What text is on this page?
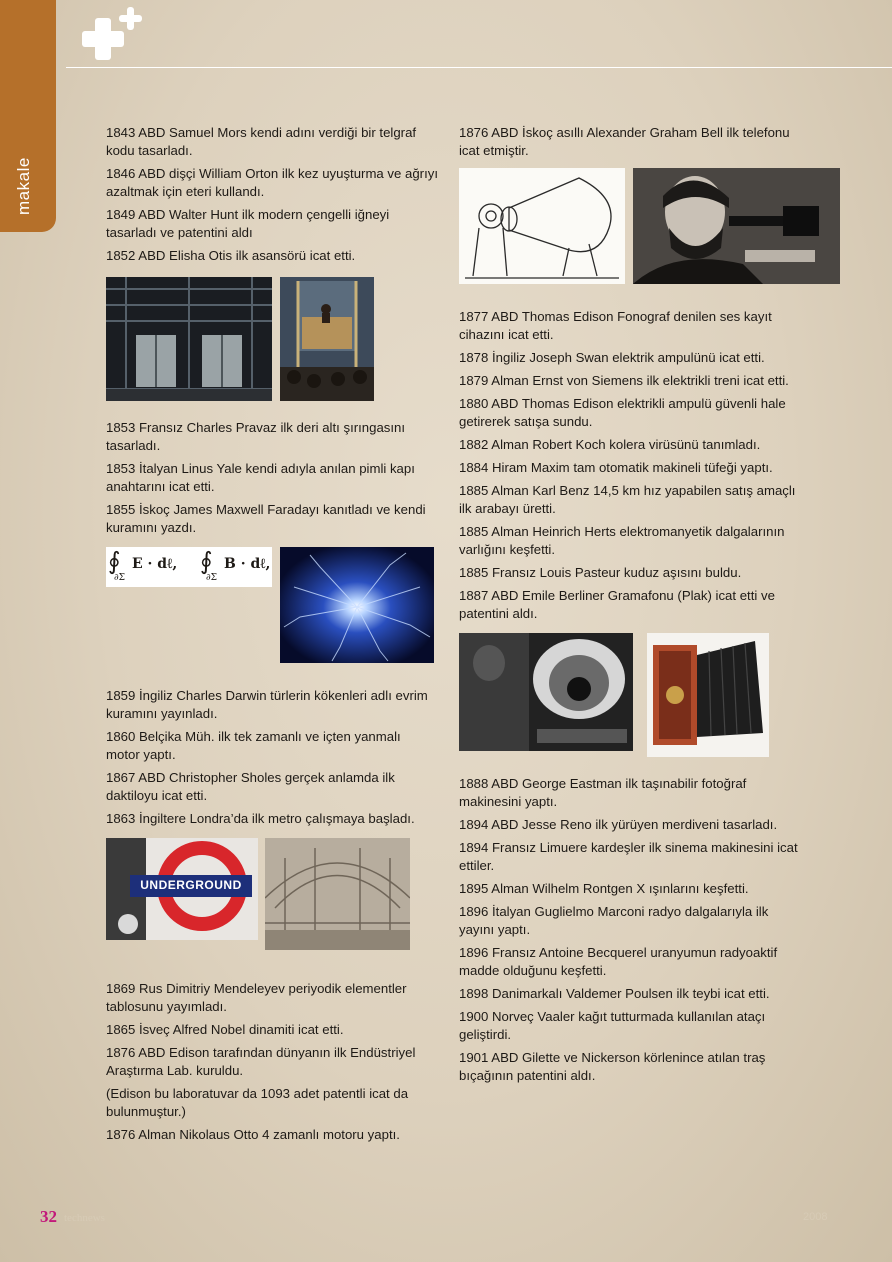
makale

1843 ABD Samuel Mors kendi adını verdiği bir telgraf kodu tasarladı.

1846 ABD dişçi William Orton ilk kez uyuşturma ve ağrıyı azaltmak için eteri kullandı.

1849 ABD Walter Hunt ilk modern çengelli iğneyi tasarladı ve patentini aldı

1852 ABD Elisha Otis ilk asansörü icat etti.

1853 Fransız Charles Pravaz ilk deri altı şırıngasını tasarladı.

1853 İtalyan Linus Yale kendi adıyla anılan pimli kapı anahtarını icat etti.

1855 İskoç James Maxwell Faradayı kanıtladı ve kendi kuramını yazdı.

∮
∂Σ
E · dℓ, ∮
∂Σ
B · dℓ,

1859 İngiliz Charles Darwin türlerin kökenleri adlı evrim kuramını yayınladı.

1860 Belçika Müh. ilk tek zamanlı ve içten yanmalı motor yaptı.

1867 ABD Christopher Sholes gerçek anlamda ilk daktiloyu icat etti.

1863 İngiltere Londra’da ilk metro çalışmaya başladı.

UNDERGROUND

1869 Rus Dimitriy Mendeleyev periyodik elementler tablosunu yayımladı.

1865 İsveç Alfred Nobel dinamiti icat etti.

1876 ABD Edison tarafından dünyanın ilk Endüstriyel Araştırma Lab. kuruldu.

(Edison bu laboratuvar da 1093 adet patentli icat da bulunmuştur.)

1876 Alman Nikolaus Otto 4 zamanlı motoru yaptı.

1876 ABD İskoç asıllı Alexander Graham Bell ilk telefonu icat etmiştir.

1877 ABD Thomas Edison Fonograf denilen ses kayıt cihazını icat etti.

1878 İngiliz Joseph Swan elektrik ampulünü icat etti.

1879 Alman Ernst von Siemens ilk elektrikli treni icat etti.

1880 ABD Thomas Edison elektrikli ampulü güvenli hale getirerek satışa sundu.

1882 Alman Robert Koch kolera virüsünü tanımladı.

1884 Hiram Maxim tam otomatik makineli tüfeği yaptı.

1885 Alman Karl Benz 14,5 km hız yapabilen satış amaçlı ilk arabayı üretti.

1885 Alman Heinrich Herts elektromanyetik dalgalarının varlığını keşfetti.

1885 Fransız Louis Pasteur kuduz aşısını buldu.

1887 ABD Emile Berliner Gramafonu (Plak) icat etti ve patentini aldı.

1888 ABD George Eastman ilk taşınabilir fotoğraf makinesini yaptı.

1894 ABD Jesse Reno ilk yürüyen merdiveni tasarladı.

1894 Fransız Limuere kardeşler ilk sinema makinesini icat ettiler.

1895 Alman Wilhelm Rontgen X ışınlarını keşfetti.

1896 İtalyan Guglielmo Marconi radyo dalgalarıyla ilk yayını yaptı.

1896 Fransız Antoine Becquerel uranyumun radyoaktif madde olduğunu keşfetti.

1898 Danimarkalı Valdemer Poulsen ilk teybi icat etti.

1900 Norveç Vaaler kağıt tutturmada kullanılan ataçı geliştirdi.

1901 ABD Gilette ve Nickerson körlenince atılan traş bıçağının patentini aldı.

32 technews	2008
